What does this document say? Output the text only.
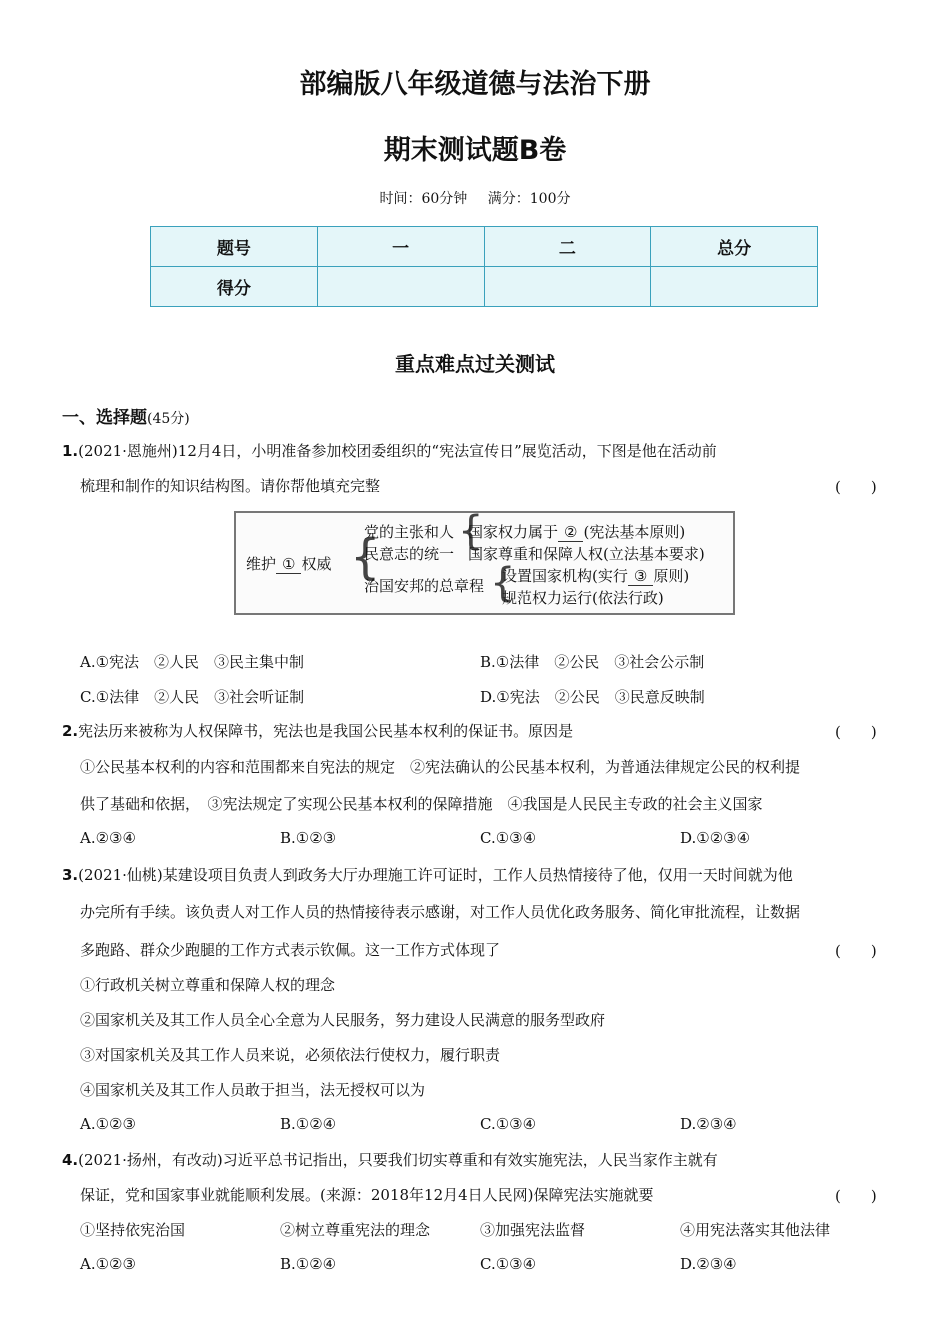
部编版八年级道德与法治下册
期末测试题B卷
时间：60分钟 满分：100分
题号	一	二	总分
得分			
重点难点过关测试
一、选择题(45分)
1.(2021·恩施州)12月4日，小明准备参加校团委组织的“宪法宣传日”展览活动，下图是他在活动前
梳理和制作的知识结构图。请你帮他填充完整	(　　)
维护 ① 权威 {
党的主张和人
民意志的统一
治国安邦的总章程
{
国家权力属于 ② (宪法基本原则)
国家尊重和保障人权(立法基本要求)
{
设置国家机构(实行 ③ 原则)
规范权力运行(依法行政)
A.①宪法　②人民　③民主集中制	B.①法律　②公民　③社会公示制
C.①法律　②人民　③社会听证制	D.①宪法　②公民　③民意反映制
2.宪法历来被称为人权保障书，宪法也是我国公民基本权利的保证书。原因是	(　　)
①公民基本权利的内容和范围都来自宪法的规定　②宪法确认的公民基本权利，为普通法律规定公民的权利提
供了基础和依据，　③宪法规定了实现公民基本权利的保障措施　④我国是人民民主专政的社会主义国家
A.②③④	B.①②③	C.①③④	D.①②③④
3.(2021·仙桃)某建设项目负责人到政务大厅办理施工许可证时，工作人员热情接待了他，仅用一天时间就为他
办完所有手续。该负责人对工作人员的热情接待表示感谢，对工作人员优化政务服务、简化审批流程，让数据
多跑路、群众少跑腿的工作方式表示钦佩。这一工作方式体现了	(　　)
①行政机关树立尊重和保障人权的理念
②国家机关及其工作人员全心全意为人民服务，努力建设人民满意的服务型政府
③对国家机关及其工作人员来说，必须依法行使权力，履行职责
④国家机关及其工作人员敢于担当，法无授权可以为
A.①②③	B.①②④	C.①③④	D.②③④
4.(2021·扬州，有改动)习近平总书记指出，只要我们切实尊重和有效实施宪法，人民当家作主就有
保证，党和国家事业就能顺利发展。(来源：2018年12月4日人民网)保障宪法实施就要	(　　)
①坚持依宪治国	②树立尊重宪法的理念	③加强宪法监督	④用宪法落实其他法律
A.①②③	B.①②④	C.①③④	D.②③④
